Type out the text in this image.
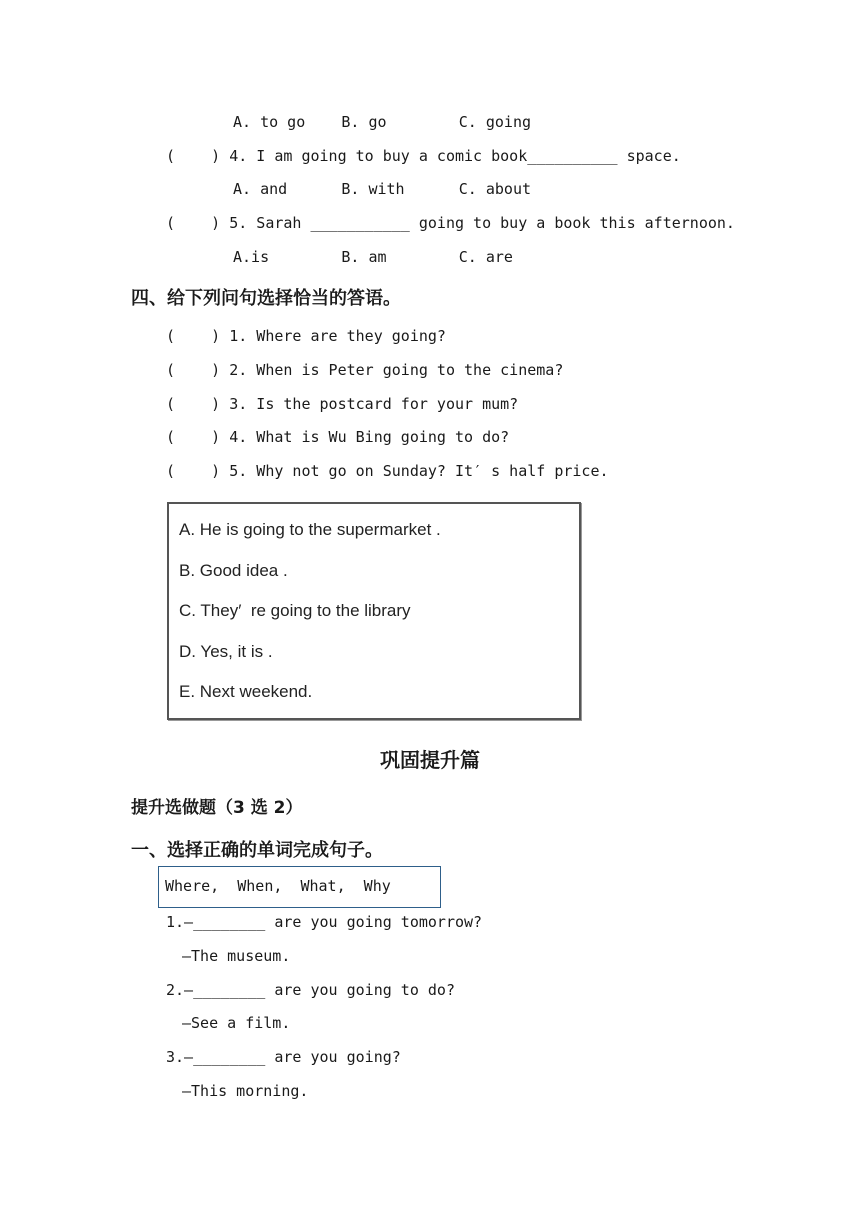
A. to go    B. go        C. going
(    ) 4. I am going to buy a comic book__________ space.
A. and      B. with      C. about
(    ) 5. Sarah ___________ going to buy a book this afternoon.
A.is        B. am        C. are
四、给下列问句选择恰当的答语。
(    ) 1. Where are they going?
(    ) 2. When is Peter going to the cinema?
(    ) 3. Is the postcard for your mum?
(    ) 4. What is Wu Bing going to do?
(    ) 5. Why not go on Sunday? It′ s half price.
A. He is going to the supermarket .
B. Good idea .
C. They′  re going to the library
D. Yes, it is .
E. Next weekend.
巩固提升篇
提升选做题（3 选 2）
一、选择正确的单词完成句子。
Where,  When,  What,  Why
1.—________ are you going tomorrow?
—The museum.
2.—________ are you going to do?
—See a film.
3.—________ are you going?
—This morning.
